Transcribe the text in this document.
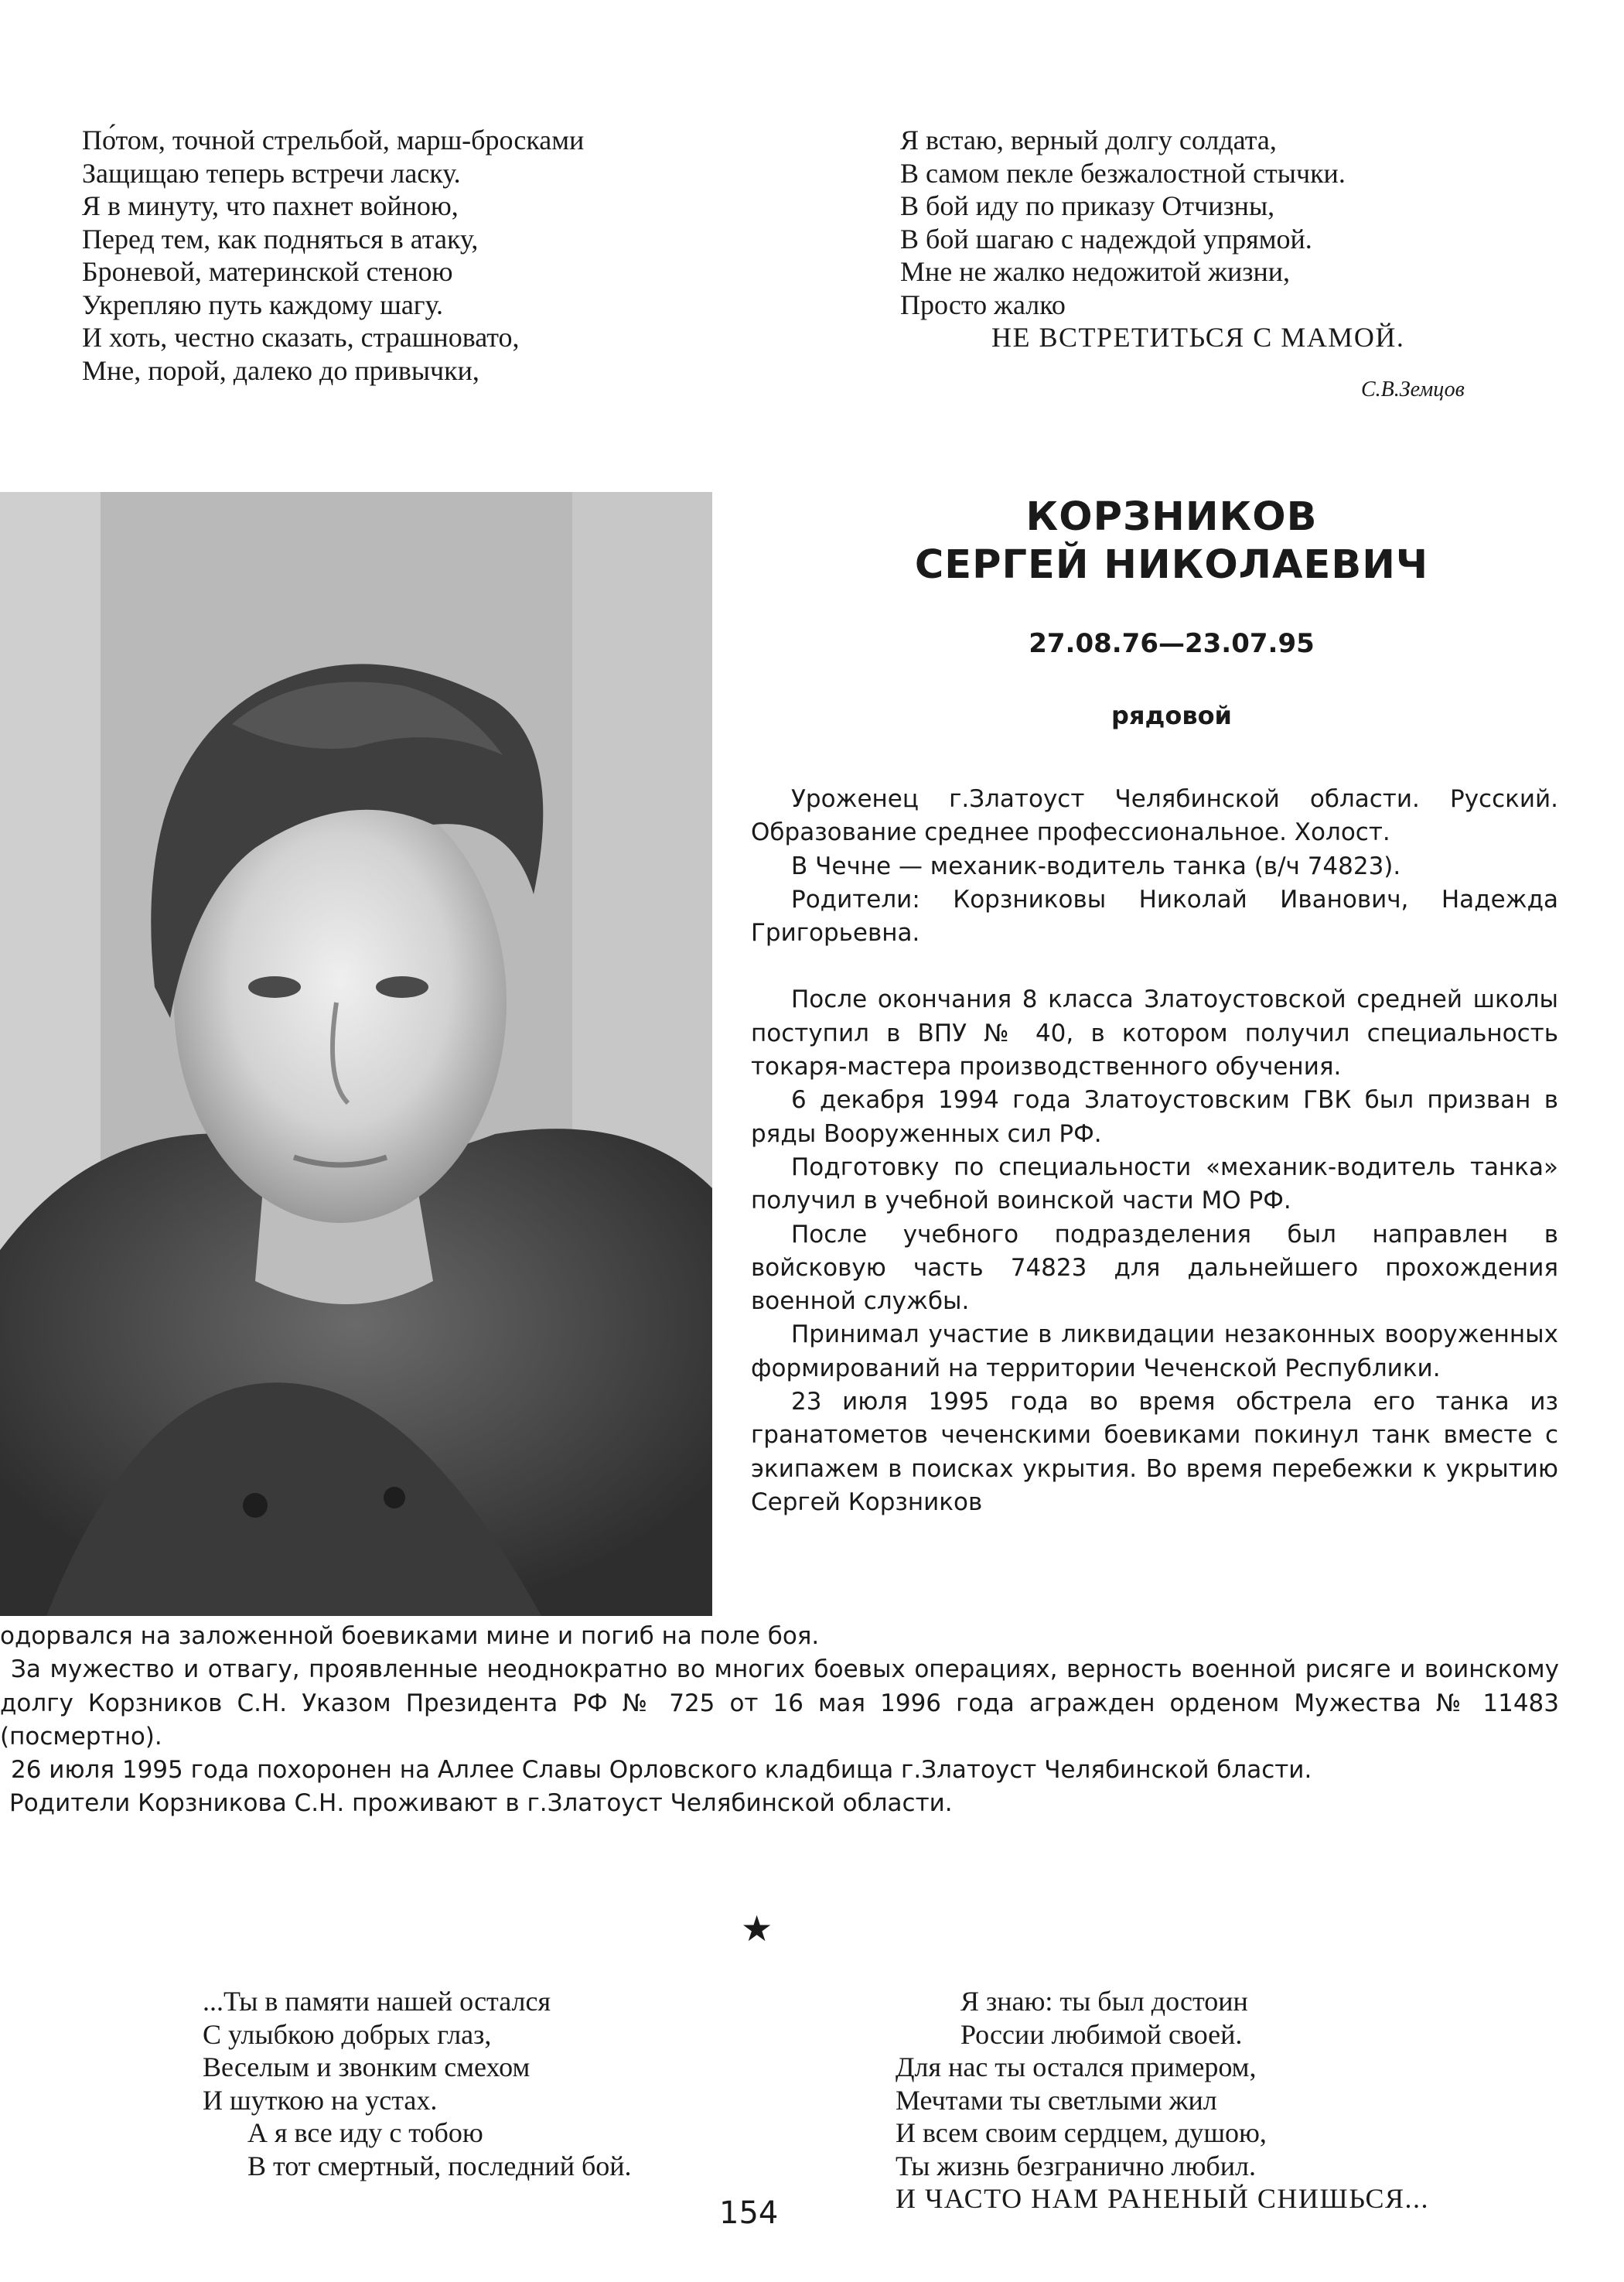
По́том, точной стрельбой, марш-бросками

Защищаю теперь встречи ласку.

Я в минуту, что пахнет войною,

Перед тем, как подняться в атаку,

Броневой, материнской стеною

Укрепляю путь каждому шагу.

И хоть, честно сказать, страшновато,

Мне, порой, далеко до привычки,

Я встаю, верный долгу солдата,

В самом пекле безжалостной стычки.

В бой иду по приказу Отчизны,

В бой шагаю с надеждой упрямой.

Мне не жалко недожитой жизни,

Просто жалко

НЕ ВСТРЕТИТЬСЯ С МАМОЙ.

С.В.Земцов
КОРЗНИКОВ
СЕРГЕЙ НИКОЛАЕВИЧ
27.08.76—23.07.95
рядовой

Уроженец г.Златоуст Челябинской области. Русский. Образование среднее профессиональное. Холост.

В Чечне — механик-водитель танка (в/ч 74823).

Родители: Корзниковы Николай Иванович, Надежда Григорьевна.

После окончания 8 класса Златоустовской средней школы поступил в ВПУ № 40, в котором получил специальность токаря-мастера производственного обучения.

6 декабря 1994 года Златоустовским ГВК был призван в ряды Вооруженных сил РФ.

Подготовку по специальности «механик-водитель танка» получил в учебной воинской части МО РФ.

После учебного подразделения был направлен в войсковую часть 74823 для дальнейшего прохождения военной службы.

Принимал участие в ликвидации незаконных вооруженных формирований на территории Чеченской Республики.

23 июля 1995 года во время обстрела его танка из гранатометов чеченскими боевиками покинул танк вместе с экипажем в поисках укрытия. Во время перебежки к укрытию Сергей Корзников

одорвался на заложенной боевиками мине и погиб на поле боя.

За мужество и отвагу, проявленные неоднократно во многих боевых операциях, верность военной рисяге и воинскому долгу Корзников С.Н. Указом Президента РФ № 725 от 16 мая 1996 года агражден орденом Мужества № 11483 (посмертно).

26 июля 1995 года похоронен на Аллее Славы Орловского кладбища г.Златоуст Челябинской бласти.

Родители Корзникова С.Н. проживают в г.Златоуст Челябинской области.

★

...Ты в памяти нашей остался

С улыбкою добрых глаз,

Веселым и звонким смехом

И шуткою на устах.

А я все иду с тобою

В тот смертный, последний бой.

Я знаю: ты был достоин

России любимой своей.

Для нас ты остался примером,

Мечтами ты светлыми жил

И всем своим сердцем, душою,

Ты жизнь безгранично любил.

И ЧАСТО НАМ РАНЕНЫЙ СНИШЬСЯ...

154
